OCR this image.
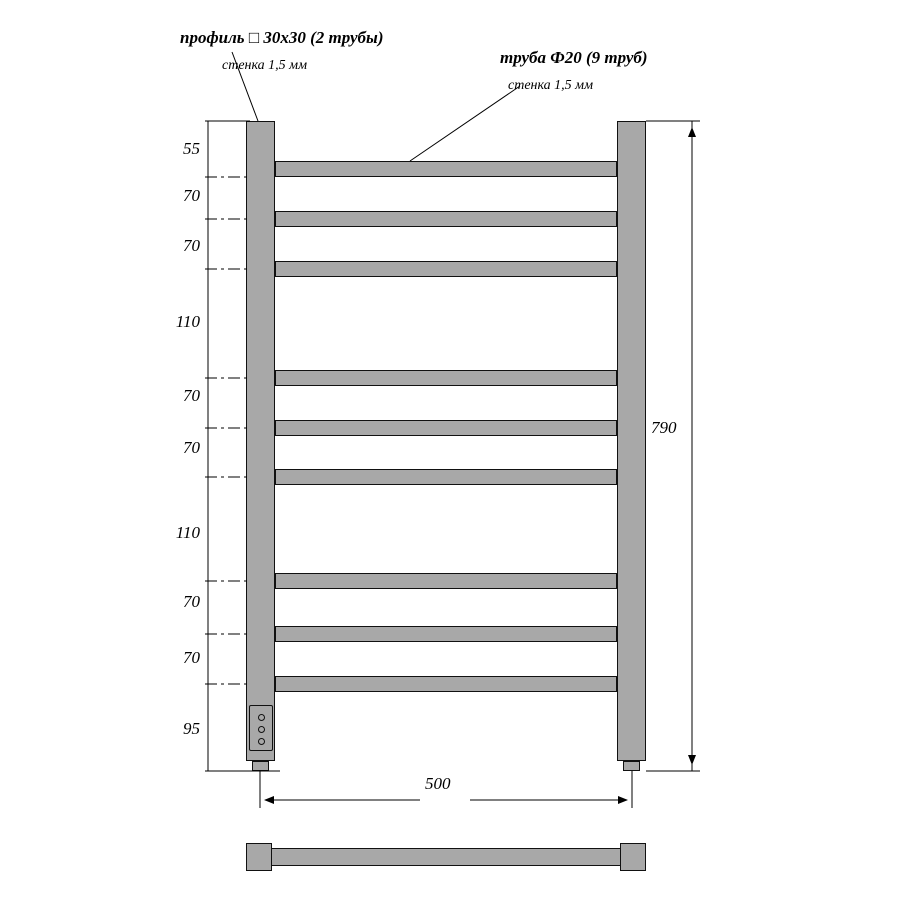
профиль □ 30x30 (2 трубы)
стенка 1,5 мм	труба Ф20 (9 труб)
стенка 1,5 мм
55
70
70
110
70
70
110
70
70
95
790
500
